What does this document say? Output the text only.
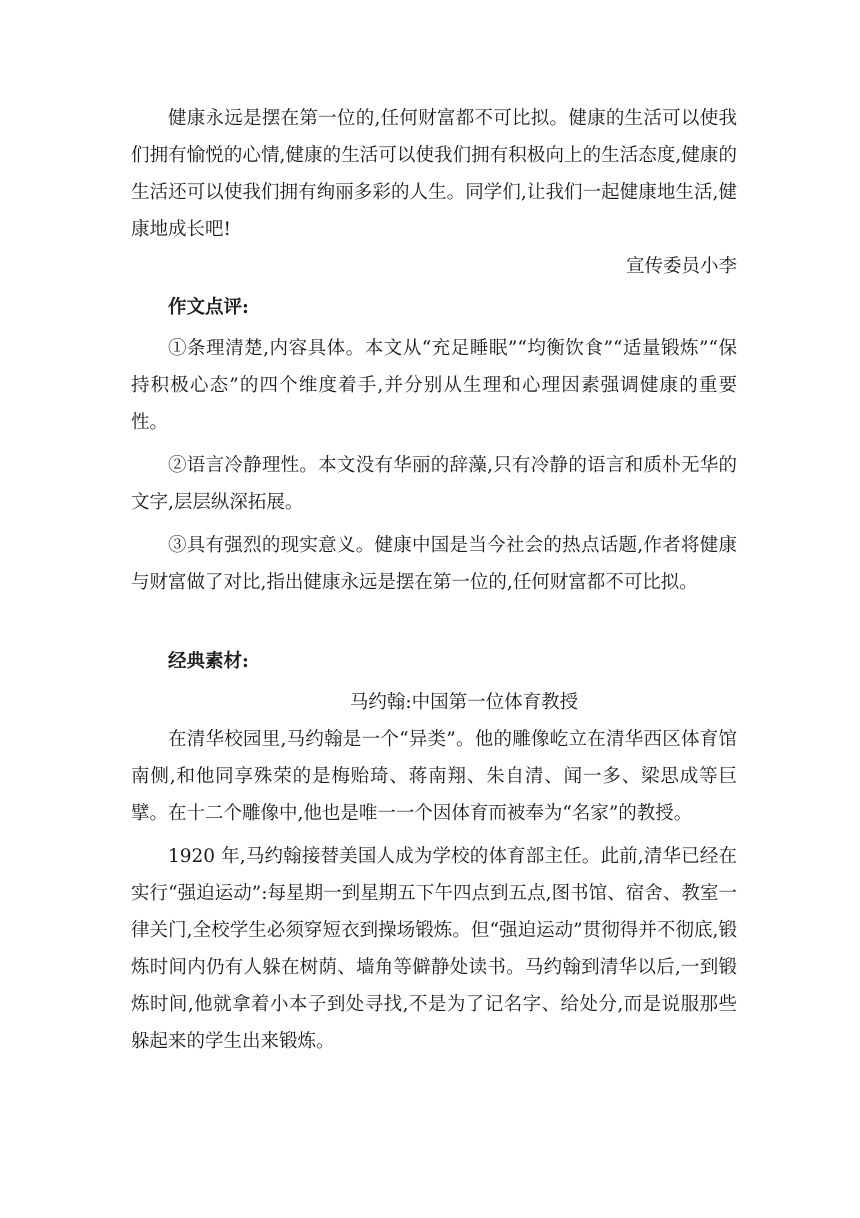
健康永远是摆在第一位的,任何财富都不可比拟。健康的生活可以使我们拥有愉悦的心情,健康的生活可以使我们拥有积极向上的生活态度,健康的生活还可以使我们拥有绚丽多彩的人生。同学们,让我们一起健康地生活,健康地成长吧!

宣传委员小李

作文点评:

①条理清楚,内容具体。本文从“充足睡眠”“均衡饮食”“适量锻炼”“保持积极心态”的四个维度着手,并分别从生理和心理因素强调健康的重要性。

②语言冷静理性。本文没有华丽的辞藻,只有冷静的语言和质朴无华的文字,层层纵深拓展。

③具有强烈的现实意义。健康中国是当今社会的热点话题,作者将健康与财富做了对比,指出健康永远是摆在第一位的,任何财富都不可比拟。

经典素材:

马约翰:中国第一位体育教授

在清华校园里,马约翰是一个“异类”。他的雕像屹立在清华西区体育馆南侧,和他同享殊荣的是梅贻琦、蒋南翔、朱自清、闻一多、梁思成等巨擘。在十二个雕像中,他也是唯一一个因体育而被奉为“名家”的教授。

1920 年,马约翰接替美国人成为学校的体育部主任。此前,清华已经在实行“强迫运动”:每星期一到星期五下午四点到五点,图书馆、宿舍、教室一律关门,全校学生必须穿短衣到操场锻炼。但“强迫运动”贯彻得并不彻底,锻炼时间内仍有人躲在树荫、墙角等僻静处读书。马约翰到清华以后,一到锻炼时间,他就拿着小本子到处寻找,不是为了记名字、给处分,而是说服那些躲起来的学生出来锻炼。
